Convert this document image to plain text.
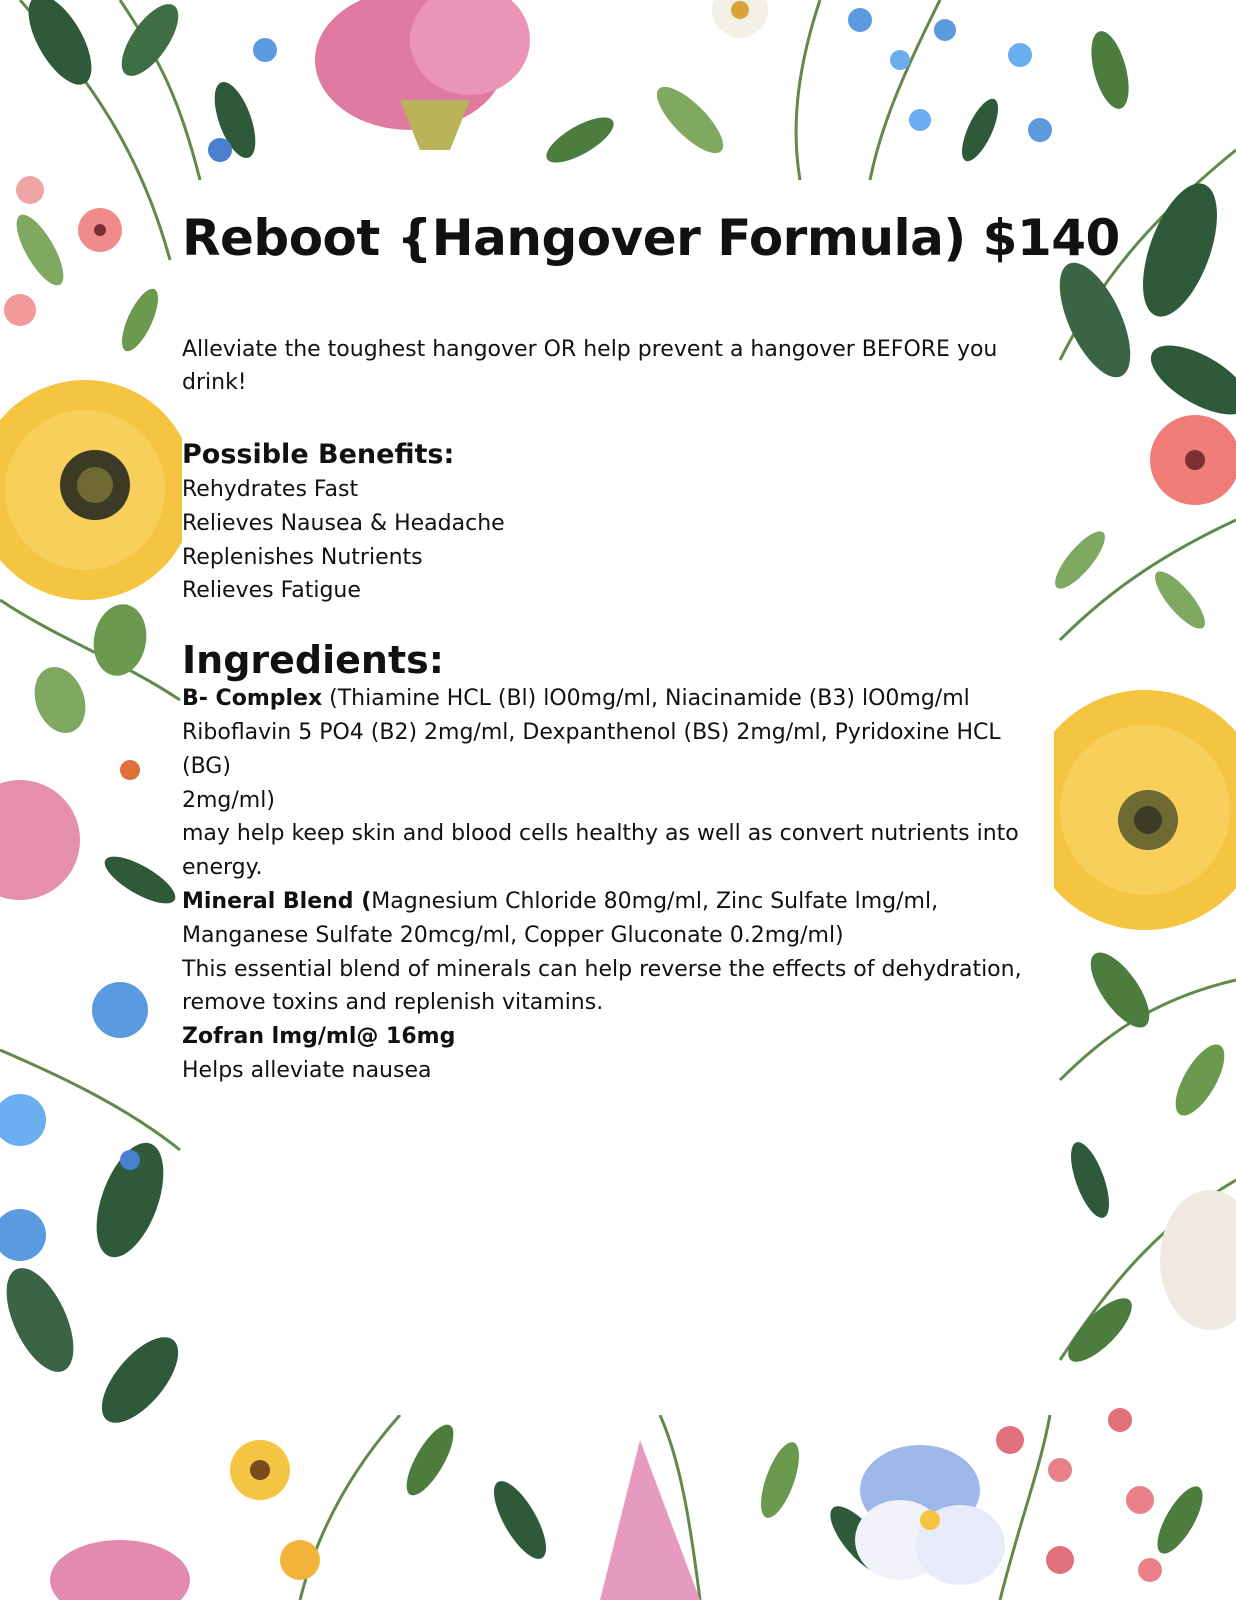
Reboot {Hangover Formula) $140
Alleviate the toughest hangover OR help prevent a hangover BEFORE you drink!
Possible Benefits:
Rehydrates Fast
Relieves Nausea & Headache
Replenishes Nutrients
Relieves Fatigue
Ingredients:
B- Complex (Thiamine HCL (Bl) lO0mg/ml, Niacinamide (B3) lO0mg/ml
Riboflavin 5 PO4 (B2) 2mg/ml, Dexpanthenol (BS) 2mg/ml, Pyridoxine HCL (BG)
2mg/ml)
may help keep skin and blood cells healthy as well as convert nutrients into energy.
Mineral Blend (Magnesium Chloride 80mg/ml, Zinc Sulfate lmg/ml,
Manganese Sulfate 20mcg/ml, Copper Gluconate 0.2mg/ml)
This essential blend of minerals can help reverse the effects of dehydration,
remove toxins and replenish vitamins.
Zofran lmg/ml@ 16mg
Helps alleviate nausea
